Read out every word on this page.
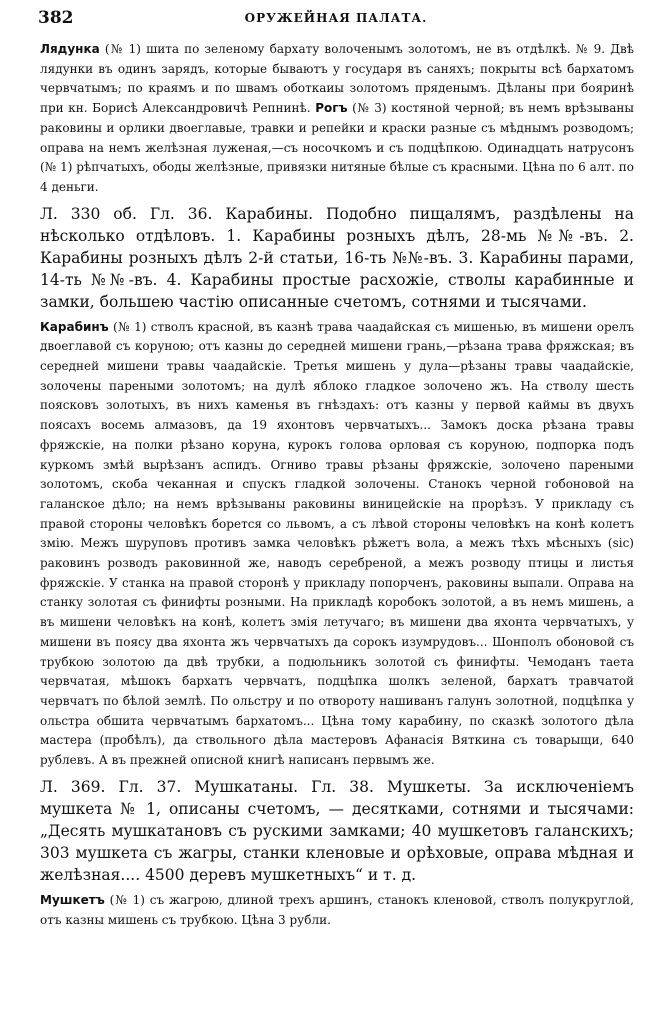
382	ОРУЖЕЙНАЯ ПАЛАТА.

Лядунка (№ 1) шита по зеленому бархату волоченымъ золотомъ, не въ отдѣлкѣ. № 9. Двѣ лядунки въ одинъ зарядъ, которые бываютъ у государя въ саняхъ; покрыты всѣ бархатомъ червчатымъ; по краямъ и по швамъ оботкаиы золотомъ пряденымъ. Дѣланы при бояринѣ при кн. Борисѣ Александровичѣ Репнинѣ. Рогъ (№ 3) костяной черной; въ немъ врѣзываны раковины и орлики двоеглавые, травки и репейки и краски разные съ мѣднымъ розводомъ; оправа на немъ желѣзная луженая,—съ носочкомъ и съ подцѣпкою. Одинадцать натрусонъ (№ 1) рѣпчатыхъ, ободы желѣзные, привязки нитяные бѣлые съ красными. Цѣна по 6 алт. по 4 деньги.

Л. 330 об. Гл. 36. Карабины. Подобно пищалямъ, раздѣлены на нѣсколько отдѣловъ. 1. Карабины розныхъ дѣлъ, 28-мь №№-въ. 2. Карабины розныхъ дѣлъ 2-й статьи, 16-ть №№-въ. 3. Карабины парами, 14-ть №№-въ. 4. Карабины простые расхожіе, стволы карабинные и замки, большею частію описанные счетомъ, сотнями и тысячами.

Карабинъ (№ 1) стволъ красной, въ казнѣ трава чаадайская съ мишенью, въ мишени орелъ двоеглавой съ коруною; отъ казны до середней мишени грань,—рѣзана трава фряжская; въ середней мишени травы чаадайскіе. Третья мишень у дула—рѣзаны травы чаадайскіе, золочены пареными золотомъ; на дулѣ яблоко гладкое золочено жъ. На стволу шесть поясковъ золотыхъ, въ нихъ каменья въ гнѣздахъ: отъ казны у первой каймы въ двухъ поясахъ восемь алмазовъ, да 19 яхонтовъ червчатыхъ... Замокъ доска рѣзана травы фряжскіе, на полки рѣзано коруна, курокъ голова орловая съ коруною, подпорка подъ куркомъ змѣй вырѣзанъ аспидъ. Огниво травы рѣзаны фряжскіе, золочено пареными золотомъ, скоба чеканная и спускъ гладкой золочены. Станокъ черной гобоновой на галанское дѣло; на немъ врѣзываны раковины виницейскіе на прорѣзъ. У прикладу съ правой стороны человѣкъ борется со львомъ, а съ лѣвой стороны человѣкъ на конѣ колетъ змію. Межъ шуруповъ противъ замка человѣкъ рѣжетъ вола, а межъ тѣхъ мѣсныхъ (sic) раковинъ розводъ раковинной же, наводъ серебреной, а межъ розводу птицы и листья фряжскіе. У станка на правой сторонѣ у прикладу попорченъ, раковины выпали. Оправа на станку золотая съ финифты розными. На прикладѣ коробокъ золотой, а въ немъ мишень, а въ мишени человѣкъ на конѣ, колетъ змія летучаго; въ мишени два яхонта червчатыхъ, у мишени въ поясу два яхонта жъ червчатыхъ да сорокъ изумрудовъ... Шонполъ обоновой съ трубкою золотою да двѣ трубки, а подюльникъ золотой съ финифты. Чемоданъ таета червчатая, мѣшокъ бархатъ червчатъ, подцѣпка шолкъ зеленой, бархатъ травчатой червчатъ по бѣлой землѣ. По ольстру и по отвороту нашиванъ галунъ золотной, подцѣпка у ольстра обшита червчатымъ бархатомъ... Цѣна тому карабину, по сказкѣ золотого дѣла мастера (пробѣлъ), да ствольного дѣла мастеровъ Афанасія Вяткина съ товарыщи, 640 рублевъ. А въ прежней описной книгѣ написанъ первымъ же.

Л. 369. Гл. 37. Мушкатаны. Гл. 38. Мушкеты. За исключеніемъ мушкета № 1, описаны счетомъ, — десятками, сотнями и тысячами: „Десять мушкатановъ съ рускими замками; 40 мушкетовъ галанскихъ; 303 мушкета съ жагры, станки кленовые и орѣховые, оправа мѣдная и желѣзная.... 4500 деревъ мушкетныхъ“ и т. д.

Мушкетъ (№ 1) съ жагрою, длиной трехъ аршинъ, станокъ кленовой, стволъ полукруглой, отъ казны мишень съ трубкою. Цѣна 3 рубли.
